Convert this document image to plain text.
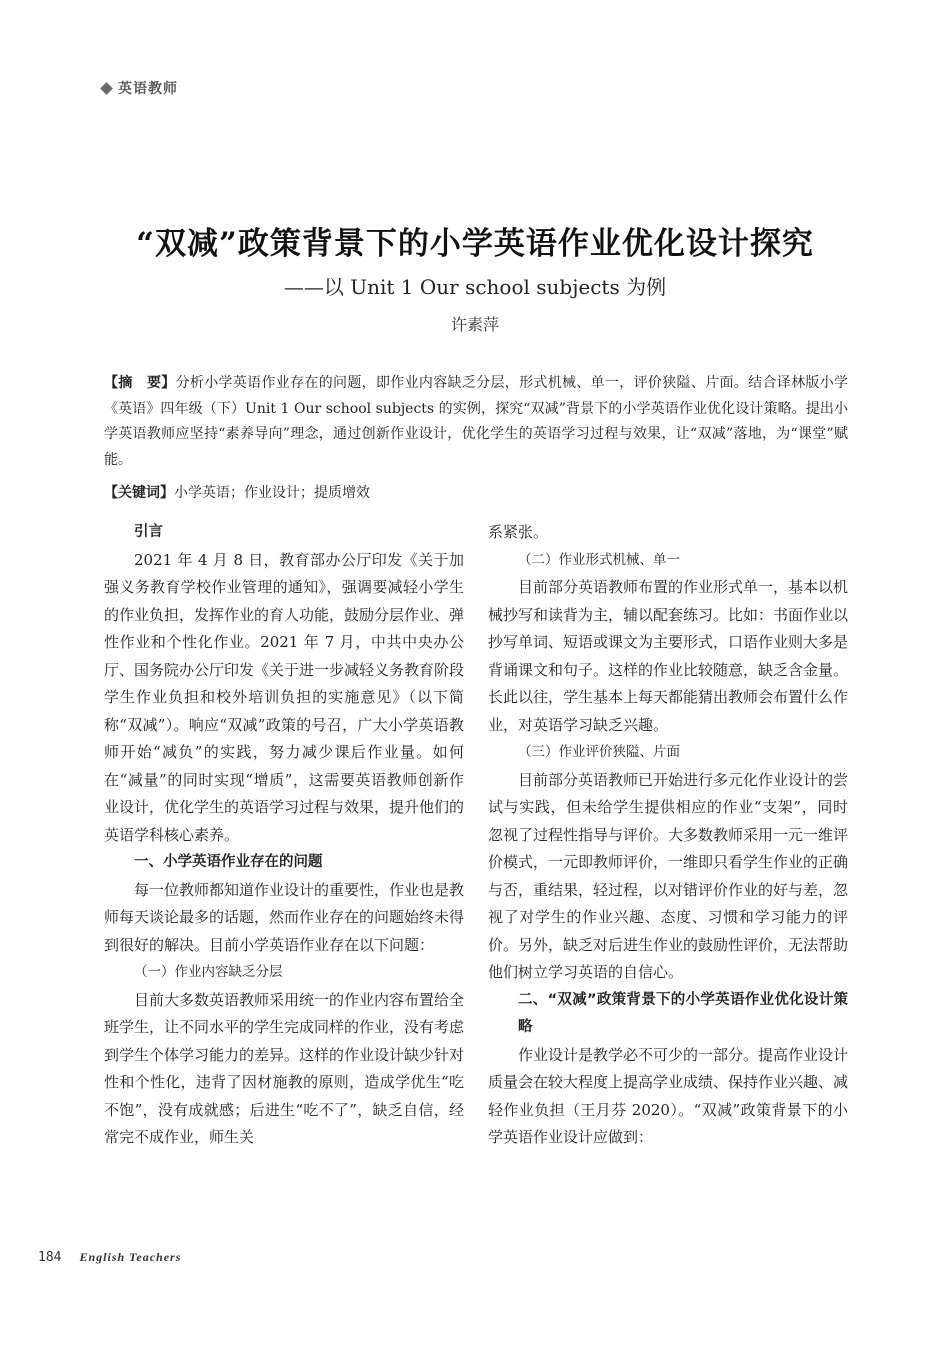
英语教师
“双减”政策背景下的小学英语作业优化设计探究
——以 Unit 1 Our school subjects 为例
许素萍
【摘　要】分析小学英语作业存在的问题，即作业内容缺乏分层，形式机械、单一，评价狭隘、片面。结合译林版小学《英语》四年级（下）Unit 1 Our school subjects 的实例，探究“双减”背景下的小学英语作业优化设计策略。提出小学英语教师应坚持“素养导向”理念，通过创新作业设计，优化学生的英语学习过程与效果，让“双减”落地，为“课堂”赋能。
【关键词】小学英语；作业设计；提质增效
引言

2021 年 4 月 8 日，教育部办公厅印发《关于加强义务教育学校作业管理的通知》，强调要减轻小学生的作业负担，发挥作业的育人功能，鼓励分层作业、弹性作业和个性化作业。2021 年 7 月，中共中央办公厅、国务院办公厅印发《关于进一步减轻义务教育阶段学生作业负担和校外培训负担的实施意见》（以下简称“双减”）。响应“双减”政策的号召，广大小学英语教师开始“减负”的实践，努力减少课后作业量。如何在“减量”的同时实现“增质”，这需要英语教师创新作业设计，优化学生的英语学习过程与效果，提升他们的英语学科核心素养。

一、小学英语作业存在的问题

每一位教师都知道作业设计的重要性，作业也是教师每天谈论最多的话题，然而作业存在的问题始终未得到很好的解决。目前小学英语作业存在以下问题：

（一）作业内容缺乏分层

目前大多数英语教师采用统一的作业内容布置给全班学生，让不同水平的学生完成同样的作业，没有考虑到学生个体学习能力的差异。这样的作业设计缺少针对性和个性化，违背了因材施教的原则，造成学优生“吃不饱”，没有成就感；后进生“吃不了”，缺乏自信，经常完不成作业，师生关

系紧张。

（二）作业形式机械、单一

目前部分英语教师布置的作业形式单一，基本以机械抄写和读背为主，辅以配套练习。比如：书面作业以抄写单词、短语或课文为主要形式，口语作业则大多是背诵课文和句子。这样的作业比较随意，缺乏含金量。长此以往，学生基本上每天都能猜出教师会布置什么作业，对英语学习缺乏兴趣。

（三）作业评价狭隘、片面

目前部分英语教师已开始进行多元化作业设计的尝试与实践，但未给学生提供相应的作业“支架”，同时忽视了过程性指导与评价。大多数教师采用一元一维评价模式，一元即教师评价，一维即只看学生作业的正确与否，重结果，轻过程，以对错评价作业的好与差，忽视了对学生的作业兴趣、态度、习惯和学习能力的评价。另外，缺乏对后进生作业的鼓励性评价，无法帮助他们树立学习英语的自信心。

二、“双减”政策背景下的小学英语作业优化设计策略

作业设计是教学必不可少的一部分。提高作业设计质量会在较大程度上提高学业成绩、保持作业兴趣、减轻作业负担（王月芬 2020）。“双减”政策背景下的小学英语作业设计应做到：

184 English Teachers
